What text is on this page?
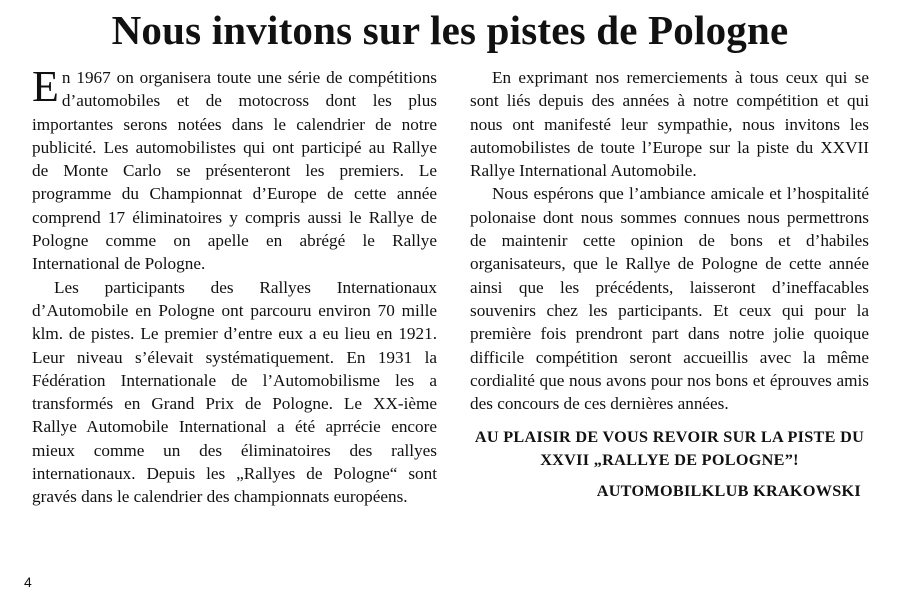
Nous invitons sur les pistes de Pologne

En 1967 on organisera toute une série de compétitions d’automobiles et de motocross dont les plus importantes serons notées dans le calendrier de notre publicité. Les automobilistes qui ont participé au Rallye de Monte Carlo se présenteront les premiers. Le programme du Championnat d’Europe de cette année comprend 17 éliminatoires y compris aussi le Rallye de Pologne comme on apelle en abrégé le Rallye International de Pologne.

Les participants des Rallyes Internationaux d’Automobile en Pologne ont parcouru environ 70 mille klm. de pistes. Le premier d’entre eux a eu lieu en 1921. Leur niveau s’élevait systématiquement. En 1931 la Fédération Internationale de l’Automobilisme les a transformés en Grand Prix de Pologne. Le XX-ième Rallye Automobile International a été aprrécie encore mieux comme un des éliminatoires des rallyes internationaux. Depuis les „Rallyes de Pologne“ sont gravés dans le calendrier des championnats européens.

En exprimant nos remerciements à tous ceux qui se sont liés depuis des années à notre compétition et qui nous ont manifesté leur sympathie, nous invitons les automobilistes de toute l’Europe sur la piste du XXVII Rallye International Automobile.

Nous espérons que l’ambiance amicale et l’hospitalité polonaise dont nous sommes connues nous permettrons de maintenir cette opinion de bons et d’habiles organisateurs, que le Rallye de Pologne de cette année ainsi que les précédents, laisseront d’ineffacables souvenirs chez les participants. Et ceux qui pour la première fois prendront part dans notre jolie quoique difficile compétition seront accueillis avec la même cordialité que nous avons pour nos bons et éprouves amis des concours de ces dernières années.

AU PLAISIR DE VOUS REVOIR SUR LA PISTE DU XXVII „RALLYE DE POLOGNE”!
AUTOMOBILKLUB KRAKOWSKI
4
